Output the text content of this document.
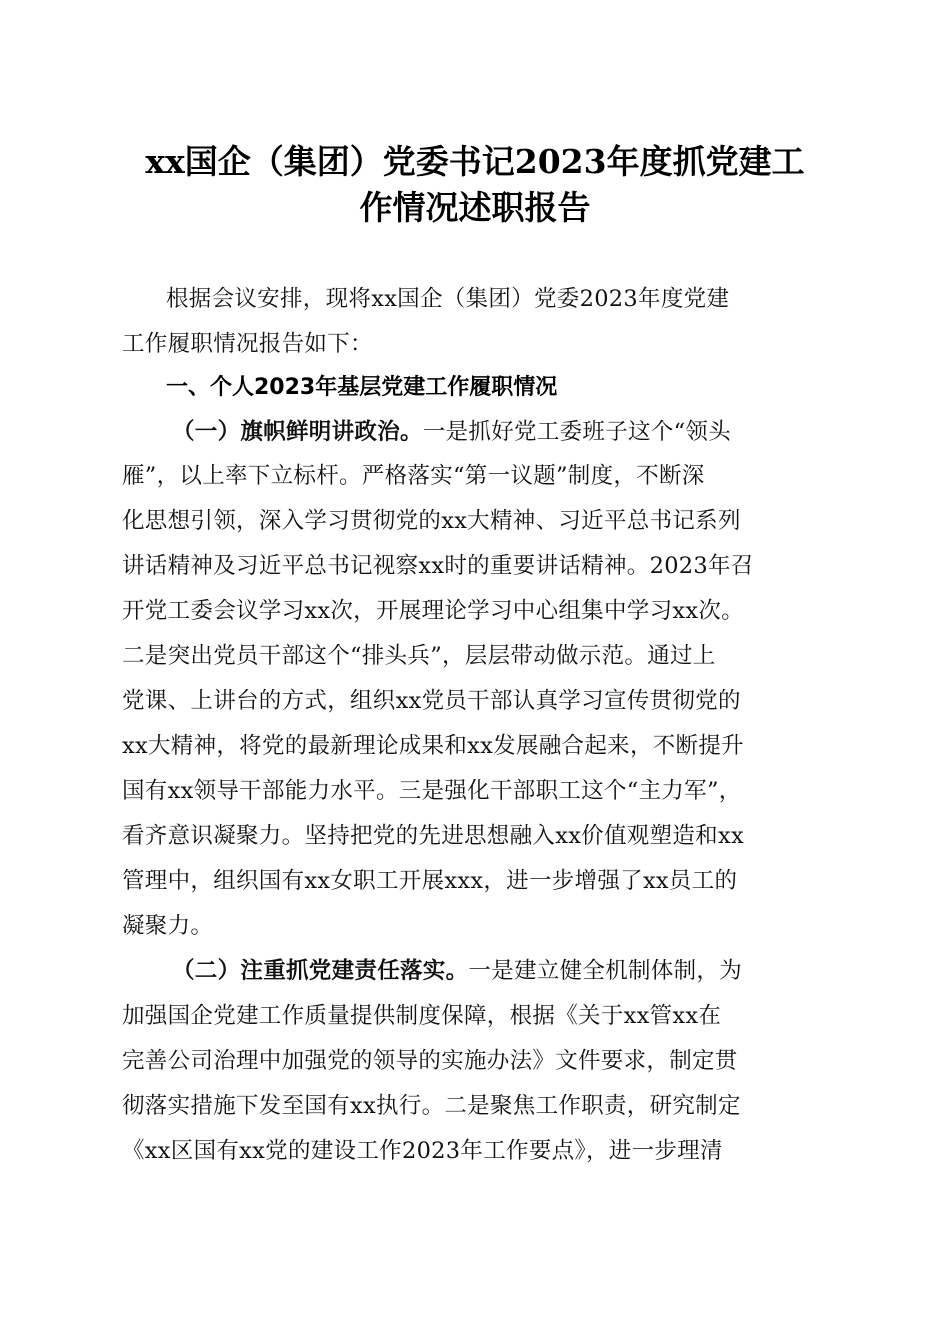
xx国企（集团）党委书记2023年度抓党建工
作情况述职报告
根据会议安排，现将xx国企（集团）党委2023年度党建
工作履职情况报告如下：
一、个人2023年基层党建工作履职情况
（一）旗帜鲜明讲政治。一是抓好党工委班子这个“领头
雁”，以上率下立标杆。严格落实“第一议题”制度，不断深
化思想引领，深入学习贯彻党的xx大精神、习近平总书记系列
讲话精神及习近平总书记视察xx时的重要讲话精神。2023年召
开党工委会议学习xx次，开展理论学习中心组集中学习xx次。
二是突出党员干部这个“排头兵”，层层带动做示范。通过上
党课、上讲台的方式，组织xx党员干部认真学习宣传贯彻党的
xx大精神，将党的最新理论成果和xx发展融合起来，不断提升
国有xx领导干部能力水平。三是强化干部职工这个“主力军”，
看齐意识凝聚力。坚持把党的先进思想融入xx价值观塑造和xx
管理中，组织国有xx女职工开展xxx，进一步增强了xx员工的
凝聚力。
（二）注重抓党建责任落实。一是建立健全机制体制，为
加强国企党建工作质量提供制度保障，根据《关于xx管xx在
完善公司治理中加强党的领导的实施办法》文件要求，制定贯
彻落实措施下发至国有xx执行。二是聚焦工作职责，研究制定
《xx区国有xx党的建设工作2023年工作要点》，进一步理清
